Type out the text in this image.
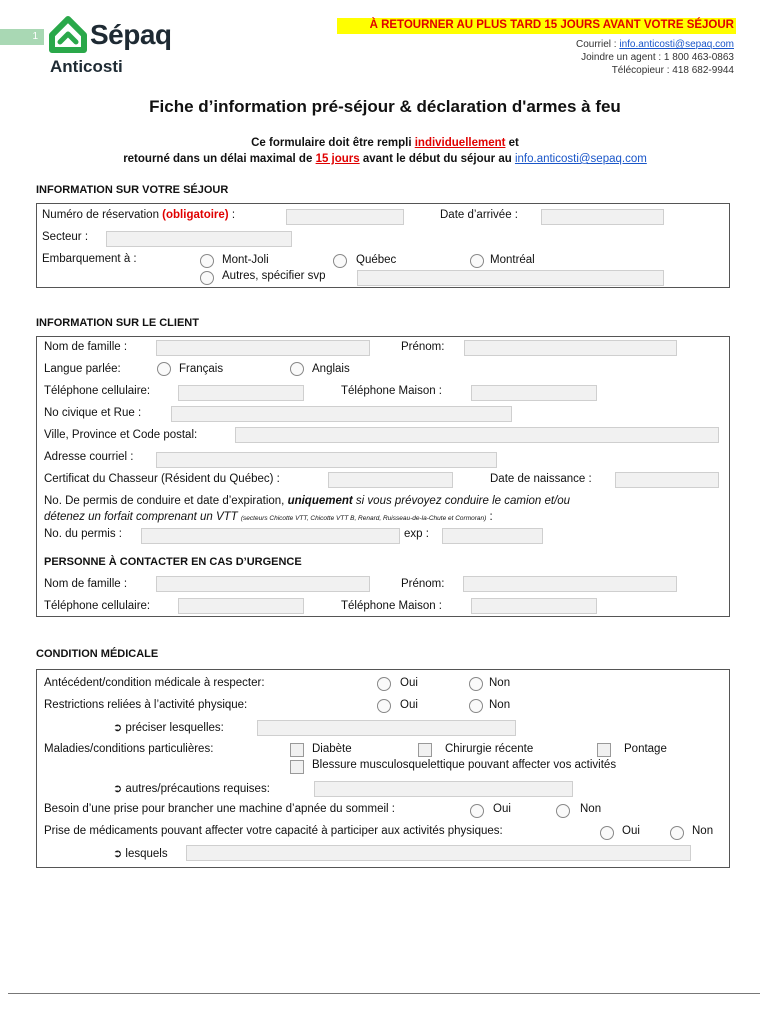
1 Sépaq
Anticosti
À RETOURNER AU PLUS TARD 15 JOURS AVANT VOTRE SÉJOUR
Courriel : info.anticosti@sepaq.com
Joindre un agent : 1 800 463-0863
Télécopieur : 418 682-9944
Fiche d’information pré-séjour & déclaration d'armes à feu
Ce formulaire doit être rempli individuellement et
retourné dans un délai maximal de 15 jours avant le début du séjour au info.anticosti@sepaq.com
INFORMATION SUR VOTRE SÉJOUR
Numéro de réservation (obligatoire) :	Date d’arrivée :
Secteur :
Embarquement à :	Mont-Joli	Québec	Montréal
Autres, spécifier svp
INFORMATION SUR LE CLIENT
Nom de famille :	Prénom:
Langue parlée:	Français	Anglais
Téléphone cellulaire:	Téléphone Maison :
No civique et Rue :
Ville, Province et Code postal:
Adresse courriel :
Certificat du Chasseur (Résident du Québec) :	Date de naissance :
No. De permis de conduire et date d’expiration, uniquement si vous prévoyez conduire le camion et/ou
détenez un forfait comprenant un VTT (secteurs Chicotte VTT, Chicotte VTT B, Renard, Ruisseau-de-la-Chute et Cormoran) :
No. du permis :	exp :
PERSONNE À CONTACTER EN CAS D’URGENCE
Nom de famille :	Prénom:
Téléphone cellulaire:	Téléphone Maison :
CONDITION MÉDICALE
Antécédent/condition médicale à respecter:	Oui	Non
Restrictions reliées à l’activité physique:	Oui	Non
➲ préciser lesquelles:
Maladies/conditions particulières:	Diabète	Chirurgie récente	Pontage
Blessure musculosquelettique pouvant affecter vos activités
➲ autres/précautions requises:
Besoin d’une prise pour brancher une machine d’apnée du sommeil :	Oui	Non
Prise de médicaments pouvant affecter votre capacité à participer aux activités physiques:	Oui	Non
➲ lesquels
